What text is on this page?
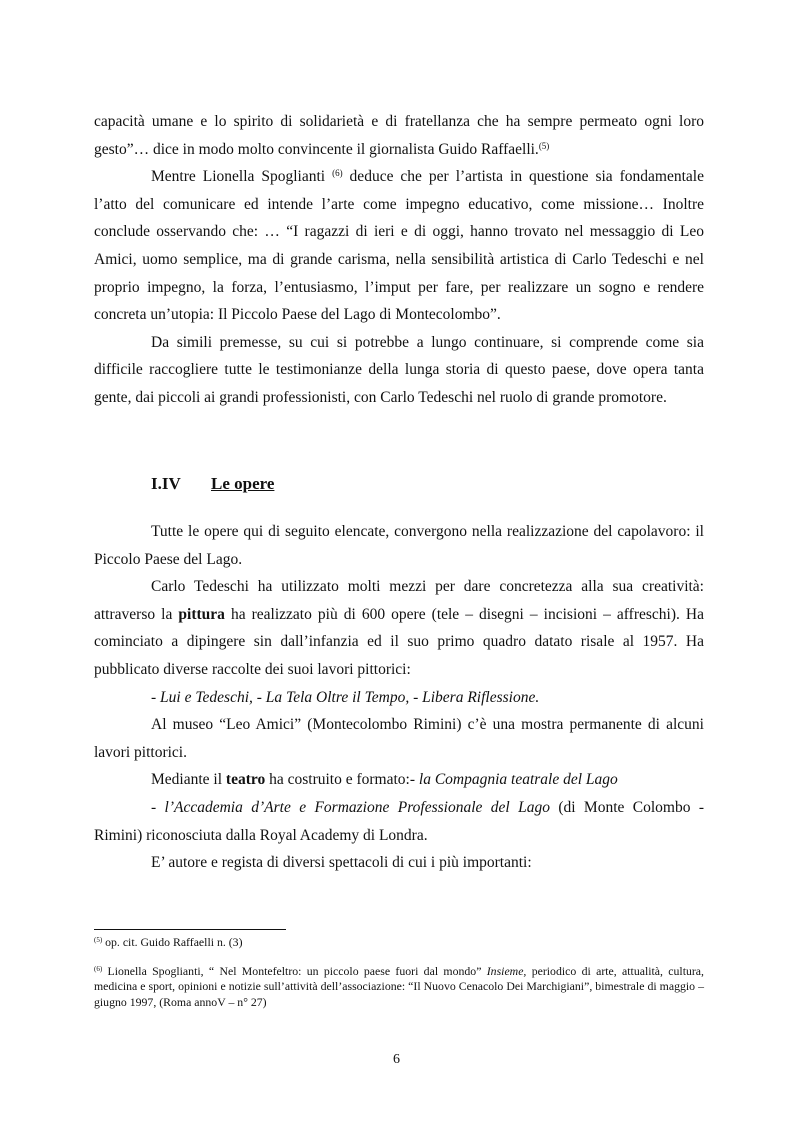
capacità umane e lo spirito di solidarietà e di fratellanza che ha sempre permeato ogni loro gesto”… dice in modo molto convincente il giornalista Guido Raffaelli.$^{(5)}$

Mentre Lionella Spoglianti $^{(6)}$ deduce che per l’artista in questione sia fondamentale l’atto del comunicare ed intende l’arte come impegno educativo, come missione… Inoltre conclude osservando che: … “I ragazzi di ieri e di oggi, hanno trovato nel messaggio di Leo Amici, uomo semplice, ma di grande carisma, nella sensibilità artistica di Carlo Tedeschi e nel proprio impegno, la forza, l’entusiasmo, l’imput per fare, per realizzare un sogno e rendere concreta un’utopia: Il Piccolo Paese del Lago di Montecolombo”.

Da simili premesse, su cui si potrebbe a lungo continuare, si comprende come sia difficile raccogliere tutte le testimonianze della lunga storia di questo paese, dove opera tanta gente, dai piccoli ai grandi professionisti, con Carlo Tedeschi nel ruolo di grande promotore.

I.IV Le opere

Tutte le opere qui di seguito elencate, convergono nella realizzazione del capolavoro: il Piccolo Paese del Lago.

Carlo Tedeschi ha utilizzato molti mezzi per dare concretezza alla sua creatività: attraverso la pittura ha realizzato più di 600 opere (tele – disegni – incisioni – affreschi). Ha cominciato a dipingere sin dall’infanzia ed il suo primo quadro datato risale al 1957. Ha pubblicato diverse raccolte dei suoi lavori pittorici:

- Lui e Tedeschi, - La Tela Oltre il Tempo, - Libera Riflessione.

Al museo “Leo Amici” (Montecolombo Rimini) c’è una mostra permanente di alcuni lavori pittorici.

Mediante il teatro ha costruito e formato:- la Compagnia teatrale del Lago

- l’Accademia d’Arte e Formazione Professionale del Lago (di Monte Colombo - Rimini) riconosciuta dalla Royal Academy di Londra.

E’ autore e regista di diversi spettacoli di cui i più importanti:

$^{(5)}$ op. cit. Guido Raffaelli n. (3)
$^{(6)}$ Lionella Spoglianti, “ Nel Montefeltro: un piccolo paese fuori dal mondo” Insieme, periodico di arte, attualità, cultura, medicina e sport, opinioni e notizie sull’attività dell’associazione: “Il Nuovo Cenacolo Dei Marchigiani”, bimestrale di maggio – giugno 1997, (Roma annoV – n° 27)
6
